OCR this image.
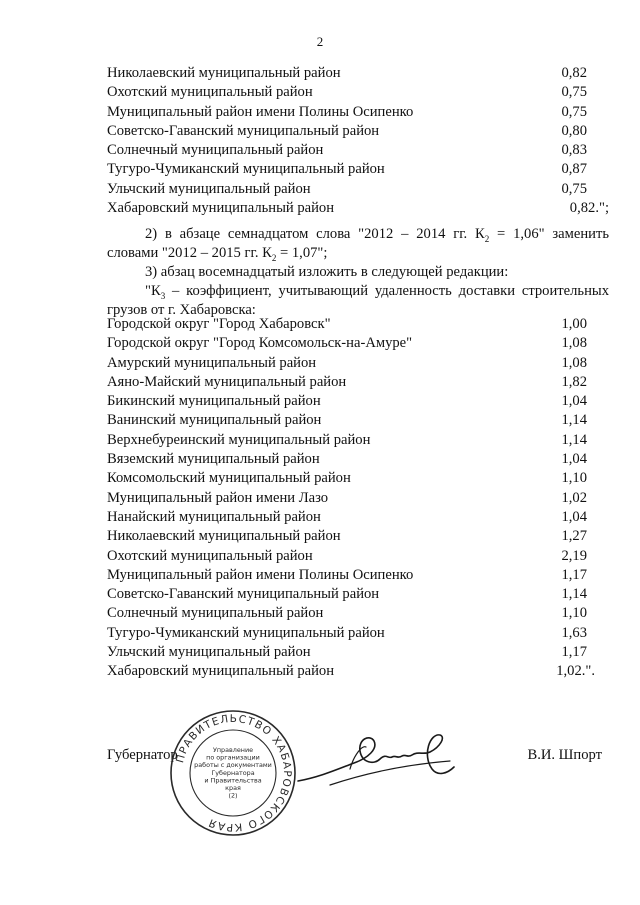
2
Николаевский муниципальный район	0,82
Охотский муниципальный район	0,75
Муниципальный район имени Полины Осипенко	0,75
Советско-Гаванский муниципальный район	0,80
Солнечный муниципальный район	0,83
Тугуро-Чумиканский муниципальный район	0,87
Ульчский муниципальный район	0,75
Хабаровский муниципальный район	0,82.";
2) в абзаце семнадцатом слова "2012 – 2014 гг. $К_2 = 1,06$" заменить словами "2012 – 2015 гг. $К_2 = 1,07$";
3) абзац восемнадцатый изложить в следующей редакции:
"$К_3$ – коэффициент, учитывающий удаленность доставки строительных грузов от г. Хабаровска:
Городской округ "Город Хабаровск"	1,00
Городской округ "Город Комсомольск-на-Амуре"	1,08
Амурский муниципальный район	1,08
Аяно-Майский муниципальный район	1,82
Бикинский муниципальный район	1,04
Ванинский муниципальный район	1,14
Верхнебуреинский муниципальный район	1,14
Вяземский муниципальный район	1,04
Комсомольский муниципальный район	1,10
Муниципальный район имени Лазо	1,02
Нанайский муниципальный район	1,04
Николаевский муниципальный район	1,27
Охотский муниципальный район	2,19
Муниципальный район имени Полины Осипенко	1,17
Советско-Гаванский муниципальный район	1,14
Солнечный муниципальный район	1,10
Тугуро-Чумиканский муниципальный район	1,63
Ульчский муниципальный район	1,17
Хабаровский муниципальный район	1,02.".
Губернатор	В.И. Шпорт
ПРАВИТЕЛЬСТВО ХАБАРОВСКОГО КРАЯ
Управление по организации работы с документами Губернатора и Правительства края (2)
